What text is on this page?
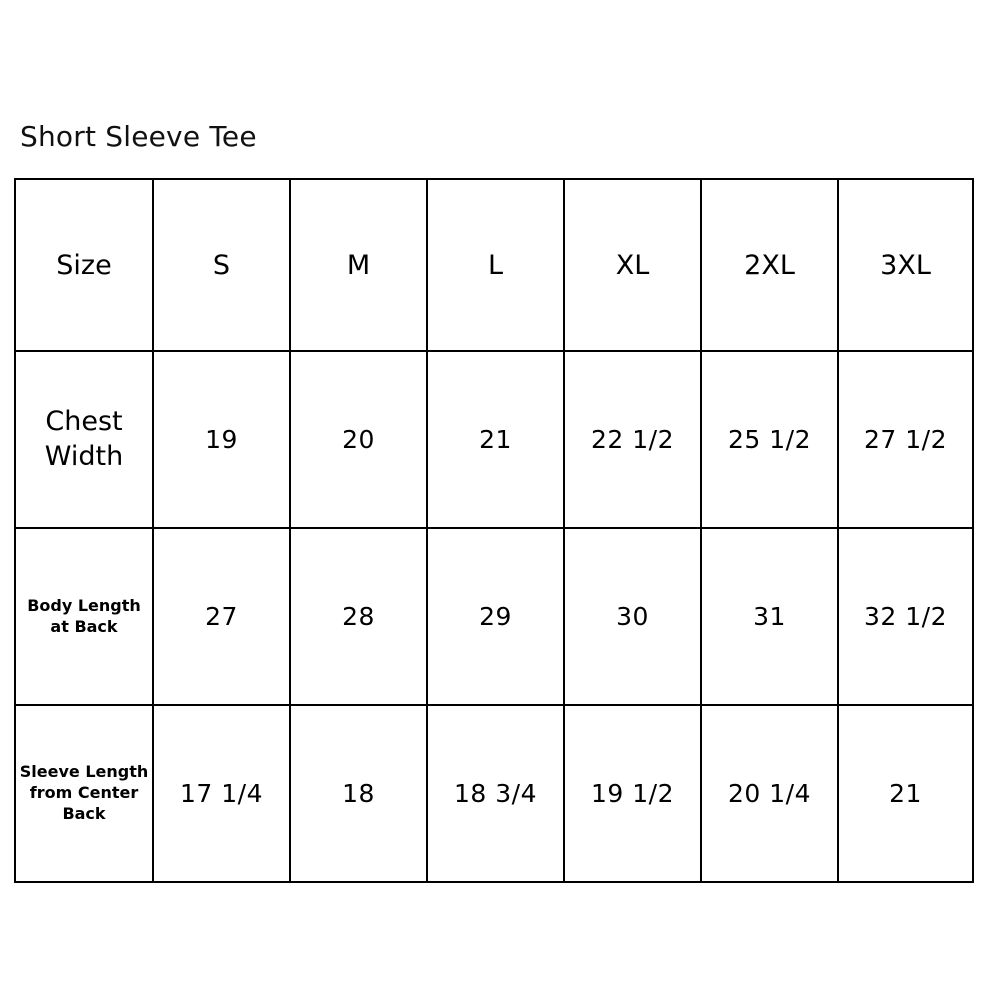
Short Sleeve Tee
Size	S	M	L	XL	2XL	3XL

Chest
Width	19	20	21	22 1/2	25 1/2	27 1/2

Body Length
at Back	27	28	29	30	31	32 1/2

Sleeve Length
from Center
Back	17 1/4	18	18 3/4	19 1/2	20 1/4	21
